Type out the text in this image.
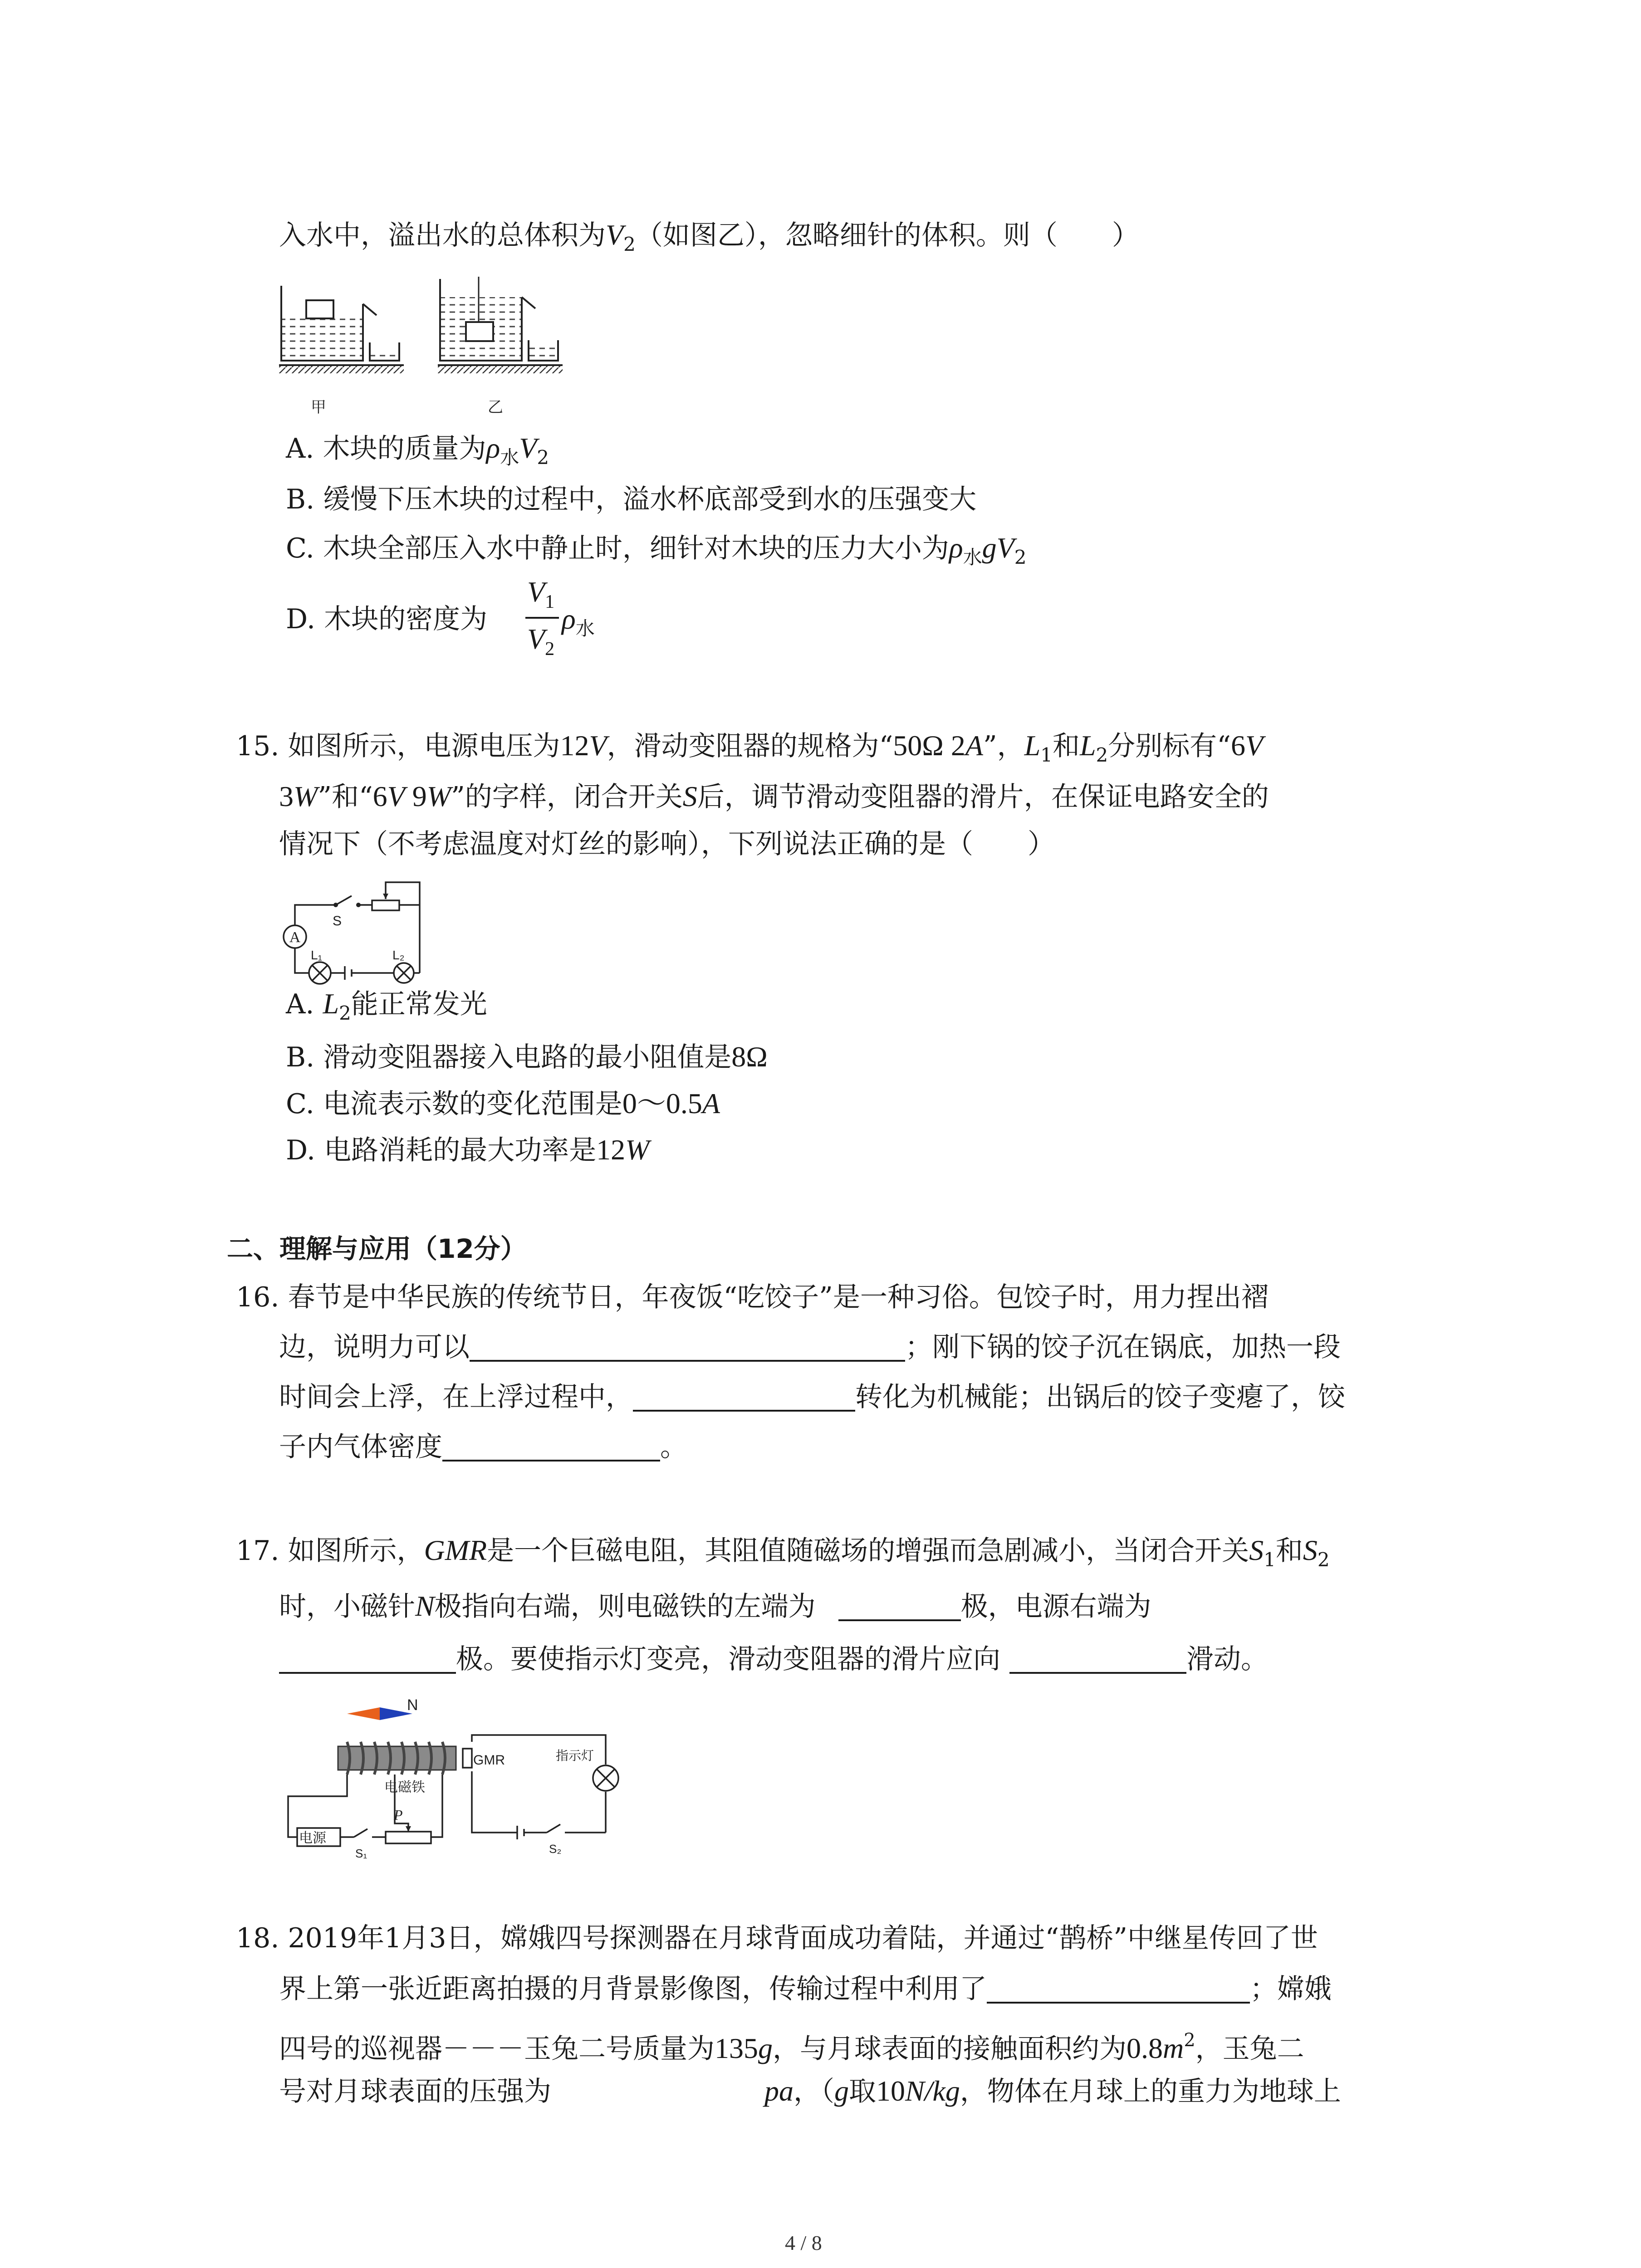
入水中，溢出水的总体积为$V_2$（如图乙），忽略细针的体积。则（　　）
甲	乙
A. 木块的质量为$\rho_水V_2$
B. 缓慢下压木块的过程中，溢水杯底部受到水的压强变大
C. 木块全部压入水中静止时，细针对木块的压力大小为$\rho_水gV_2$
D. 木块的密度为
$V_1$
$V_2$
$\rho_水$
15. 如图所示，电源电压为12V，滑动变阻器的规格为“50Ω 2A”，$L_1$和$L_2$分别标有“6V
3W”和“6V 9W”的字样，闭合开关S后，调节滑动变阻器的滑片，在保证电路安全的
情况下（不考虑温度对灯丝的影响），下列说法正确的是（　　）
A
S
L₁	L₂
A. $L_2$能正常发光
B. 滑动变阻器接入电路的最小阻值是8Ω
C. 电流表示数的变化范围是0～0.5A
D. 电路消耗的最大功率是12W
二、理解与应用（12分）
16. 春节是中华民族的传统节日，年夜饭“吃饺子”是一种习俗。包饺子时，用力捏出褶
边，说明力可以	；刚下锅的饺子沉在锅底，加热一段
时间会上浮，在上浮过程中，	转化为机械能；出锅后的饺子变瘪了，饺
子内气体密度	。
17. 如图所示，GMR是一个巨磁电阻，其阻值随磁场的增强而急剧减小，当闭合开关$S_1$和$S_2$
时，小磁针N极指向右端，则电磁铁的左端为	极，电源右端为
极。要使指示灯变亮，滑动变阻器的滑片应向	滑动。
N
电磁铁
电源
P
S₁
GMR	指示灯
S₂
18. 2019年1月3日，嫦娥四号探测器在月球背面成功着陆，并通过“鹊桥”中继星传回了世
界上第一张近距离拍摄的月背景影像图，传输过程中利用了	；嫦娥
四号的巡视器－－－玉兔二号质量为135g，与月球表面的接触面积约为$0.8m^2$，玉兔二
号对月球表面的压强为	pa，（g取10N/kg，物体在月球上的重力为地球上
4 / 8
